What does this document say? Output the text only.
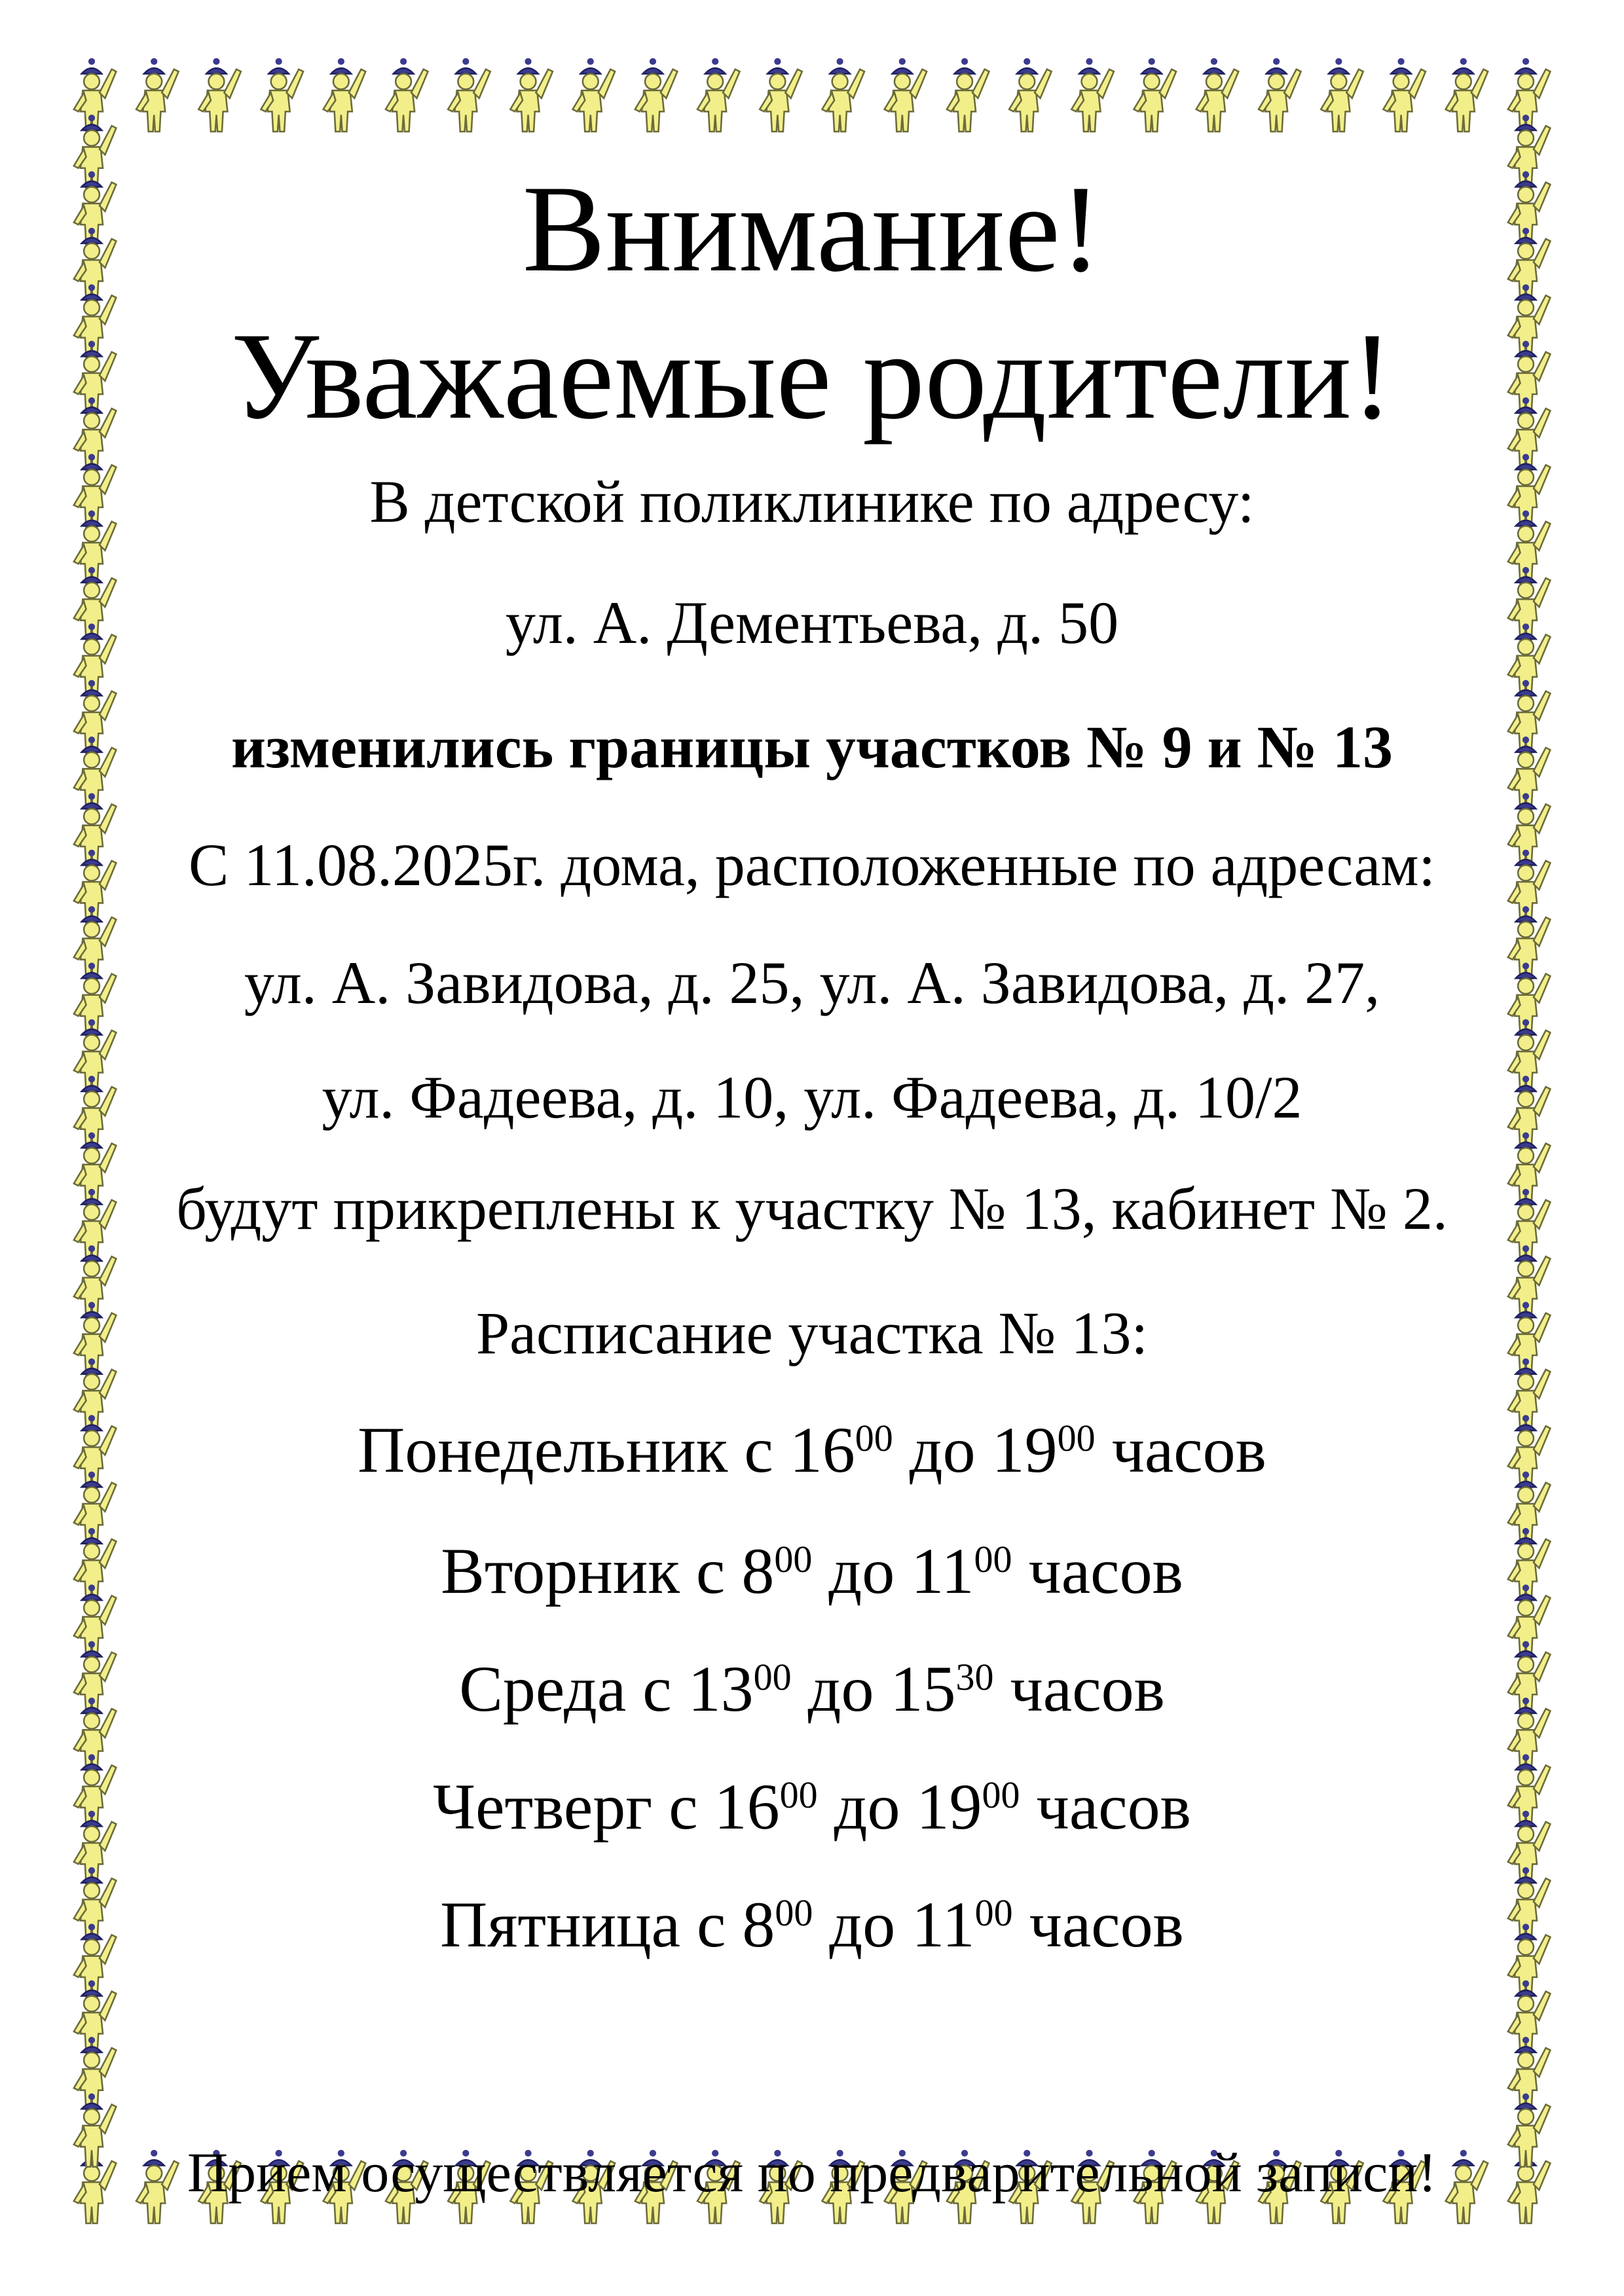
Внимание!
Уважаемые родители!
В детской поликлинике по адресу:
ул. А. Дементьева, д. 50
изменились границы участков № 9 и № 13
С 11.08.2025г. дома, расположенные по адресам:
ул. А. Завидова, д. 25, ул. А. Завидова, д. 27,
ул. Фадеева, д. 10, ул. Фадеева, д. 10/2
будут прикреплены к участку № 13, кабинет № 2.
Расписание участка № 13:
Понедельник с $16^{00}$ до $19^{00}$ часов
Вторник с $8^{00}$ до $11^{00}$ часов
Среда с $13^{00}$ до $15^{30}$ часов
Четверг с $16^{00}$ до $19^{00}$ часов
Пятница с $8^{00}$ до $11^{00}$ часов
Прием осуществляется по предварительной записи!
